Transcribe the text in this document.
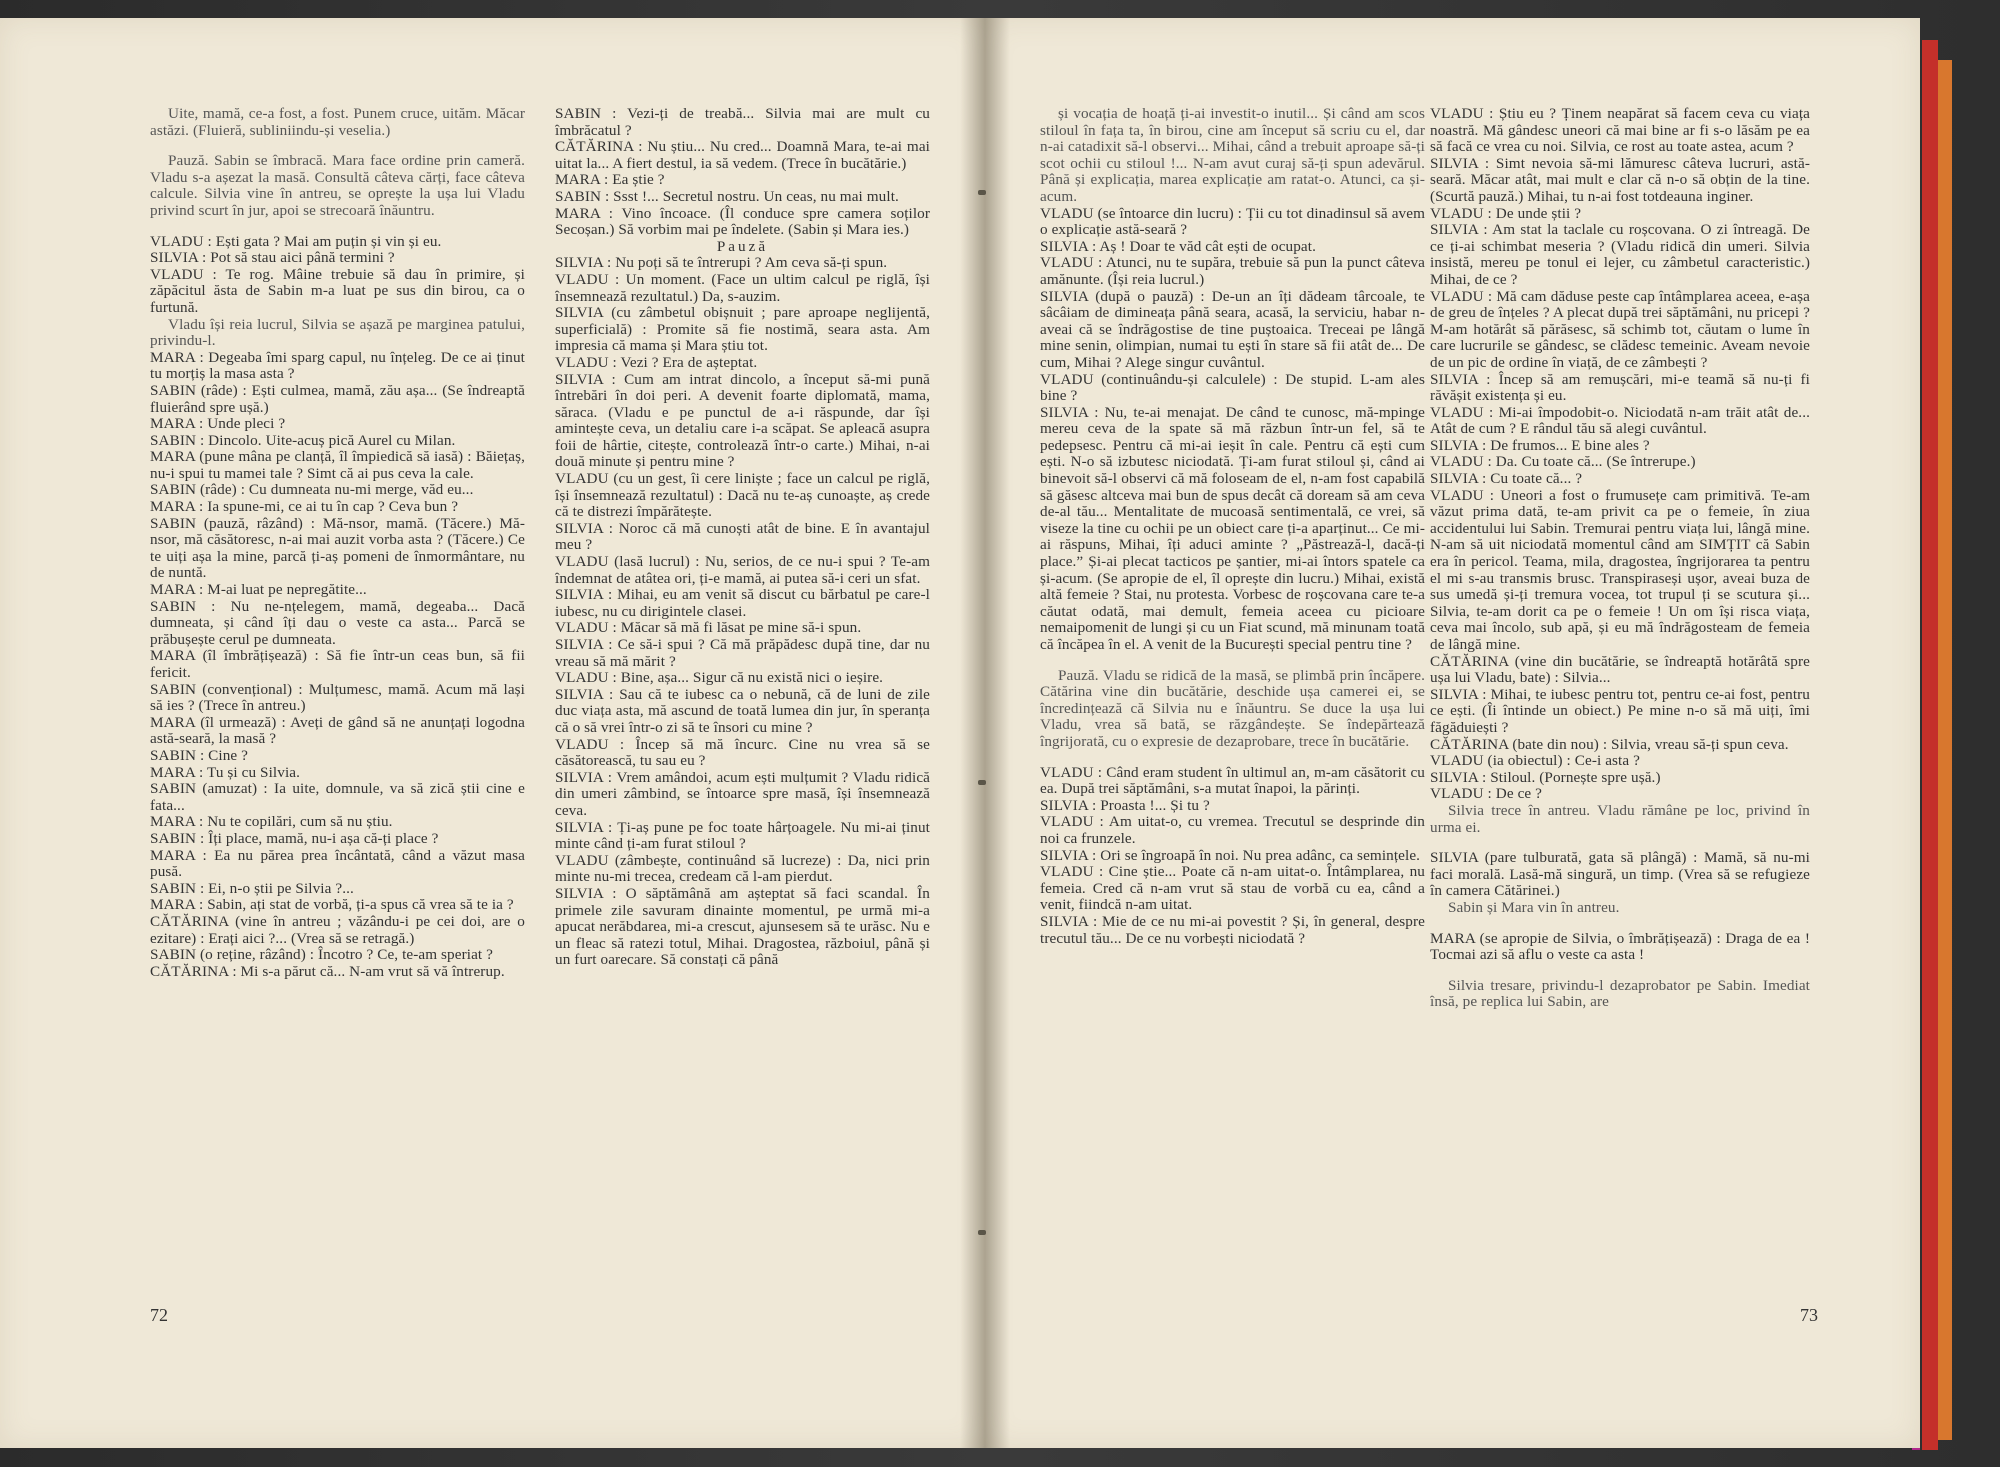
Uite, mamă, ce-a fost, a fost. Punem cruce, uităm. Măcar astăzi. (Fluieră, subliniindu-și veselia.)

Pauză. Sabin se îmbracă. Mara face ordine prin cameră. Vladu s-a așezat la masă. Consultă câteva cărți, face câteva calcule. Silvia vine în antreu, se oprește la ușa lui Vladu privind scurt în jur, apoi se strecoară înăuntru.

VLADU : Ești gata ? Mai am puțin și vin și eu.

SILVIA : Pot să stau aici până termini ?

VLADU : Te rog. Mâine trebuie să dau în primire, și zăpăcitul ăsta de Sabin m-a luat pe sus din birou, ca o furtună.

Vladu își reia lucrul, Silvia se așază pe marginea patului, privindu-l.

MARA : Degeaba îmi sparg capul, nu înțeleg. De ce ai ținut tu morțiș la masa asta ?

SABIN (râde) : Ești culmea, mamă, zău așa... (Se îndreaptă fluierând spre ușă.)

MARA : Unde pleci ?

SABIN : Dincolo. Uite-acuș pică Aurel cu Milan.

MARA (pune mâna pe clanță, îl împiedică să iasă) : Băiețaș, nu-i spui tu mamei tale ? Simt că ai pus ceva la cale.

SABIN (râde) : Cu dumneata nu-mi merge, văd eu...

MARA : Ia spune-mi, ce ai tu în cap ? Ceva bun ?

SABIN (pauză, râzând) : Mă-nsor, mamă. (Tăcere.) Mă-nsor, mă căsătoresc, n-ai mai auzit vorba asta ? (Tăcere.) Ce te uiți așa la mine, parcă ți-aș pomeni de înmormântare, nu de nuntă.

MARA : M-ai luat pe nepregătite...

SABIN : Nu ne-nțelegem, mamă, degeaba... Dacă dumneata, și când îți dau o veste ca asta... Parcă se prăbușește cerul pe dumneata.

MARA (îl îmbrățișează) : Să fie într-un ceas bun, să fii fericit.

SABIN (convențional) : Mulțumesc, mamă. Acum mă lași să ies ? (Trece în antreu.)

MARA (îl urmează) : Aveți de gând să ne anunțați logodna astă-seară, la masă ?

SABIN : Cine ?

MARA : Tu și cu Silvia.

SABIN (amuzat) : Ia uite, domnule, va să zică știi cine e fata...

MARA : Nu te copilări, cum să nu știu.

SABIN : Îți place, mamă, nu-i așa că-ți place ?

MARA : Ea nu părea prea încântată, când a văzut masa pusă.

SABIN : Ei, n-o știi pe Silvia ?...

MARA : Sabin, ați stat de vorbă, ți-a spus că vrea să te ia ?

CĂTĂRINA (vine în antreu ; văzându-i pe cei doi, are o ezitare) : Erați aici ?... (Vrea să se retragă.)

SABIN (o reține, râzând) : Încotro ? Ce, te-am speriat ?

CĂTĂRINA : Mi s-a părut că... N-am vrut să vă întrerup.

SABIN : Vezi-ți de treabă... Silvia mai are mult cu îmbrăcatul ?

CĂTĂRINA : Nu știu... Nu cred... Doamnă Mara, te-ai mai uitat la... A fiert destul, ia să vedem. (Trece în bucătărie.)

MARA : Ea știe ?

SABIN : Ssst !... Secretul nostru. Un ceas, nu mai mult.

MARA : Vino încoace. (Îl conduce spre camera soților Secoșan.) Să vorbim mai pe îndelete. (Sabin și Mara ies.)

Pauză

SILVIA : Nu poți să te întrerupi ? Am ceva să-ți spun.

VLADU : Un moment. (Face un ultim calcul pe riglă, își însemnează rezultatul.) Da, s-auzim.

SILVIA (cu zâmbetul obișnuit ; pare aproape neglijentă, superficială) : Promite să fie nostimă, seara asta. Am impresia că mama și Mara știu tot.

VLADU : Vezi ? Era de așteptat.

SILVIA : Cum am intrat dincolo, a început să-mi pună întrebări în doi peri. A devenit foarte diplomată, mama, săraca. (Vladu e pe punctul de a-i răspunde, dar își amintește ceva, un detaliu care i-a scăpat. Se apleacă asupra foii de hârtie, citește, controlează într-o carte.) Mihai, n-ai două minute și pentru mine ?

VLADU (cu un gest, îi cere liniște ; face un calcul pe riglă, își însemnează rezultatul) : Dacă nu te-aș cunoaște, aș crede că te distrezi împărătește.

SILVIA : Noroc că mă cunoști atât de bine. E în avantajul meu ?

VLADU (lasă lucrul) : Nu, serios, de ce nu-i spui ? Te-am îndemnat de atâtea ori, ți-e mamă, ai putea să-i ceri un sfat.

SILVIA : Mihai, eu am venit să discut cu bărbatul pe care-l iubesc, nu cu dirigintele clasei.

VLADU : Măcar să mă fi lăsat pe mine să-i spun.

SILVIA : Ce să-i spui ? Că mă prăpădesc după tine, dar nu vreau să mă mărit ?

VLADU : Bine, așa... Sigur că nu există nici o ieșire.

SILVIA : Sau că te iubesc ca o nebună, că de luni de zile duc viața asta, mă ascund de toată lumea din jur, în speranța că o să vrei într-o zi să te însori cu mine ?

VLADU : Încep să mă încurc. Cine nu vrea să se căsătorească, tu sau eu ?

SILVIA : Vrem amândoi, acum ești mulțumit ? Vladu ridică din umeri zâmbind, se întoarce spre masă, își însemnează ceva.

SILVIA : Ți-aș pune pe foc toate hârțoagele. Nu mi-ai ținut minte când ți-am furat stiloul ?

VLADU (zâmbește, continuând să lucreze) : Da, nici prin minte nu-mi trecea, credeam că l-am pierdut.

SILVIA : O săptămână am așteptat să faci scandal. În primele zile savuram dinainte momentul, pe urmă mi-a apucat nerăbdarea, mi-a crescut, ajunsesem să te urăsc. Nu e un fleac să ratezi totul, Mihai. Dragostea, războiul, până și un furt oarecare. Să constați că până

72

și vocația de hoață ți-ai investit-o inutil... Și când am scos stiloul în fața ta, în birou, cine am început să scriu cu el, dar n-ai catadixit să-l observi... Mihai, când a trebuit aproape să-ți scot ochii cu stiloul !... N-am avut curaj să-ți spun adevărul. Până și explicația, marea explicație am ratat-o. Atunci, ca și-acum.

VLADU (se întoarce din lucru) : Ții cu tot dinadinsul să avem o explicație astă-seară ?

SILVIA : Aș ! Doar te văd cât ești de ocupat.

VLADU : Atunci, nu te supăra, trebuie să pun la punct câteva amănunte. (Își reia lucrul.)

SILVIA (după o pauză) : De-un an îți dădeam târcoale, te sâcâiam de dimineața până seara, acasă, la serviciu, habar n-aveai că se îndrăgostise de tine puștoaica. Treceai pe lângă mine senin, olimpian, numai tu ești în stare să fii atât de... De cum, Mihai ? Alege singur cuvântul.

VLADU (continuându-și calculele) : De stupid. L-am ales bine ?

SILVIA : Nu, te-ai menajat. De când te cunosc, mă-mpinge mereu ceva de la spate să mă răzbun într-un fel, să te pedepsesc. Pentru că mi-ai ieșit în cale. Pentru că ești cum ești. N-o să izbutesc niciodată. Ți-am furat stiloul și, când ai binevoit să-l observi că mă foloseam de el, n-am fost capabilă să găsesc altceva mai bun de spus decât că doream să am ceva de-al tău... Mentalitate de mucoasă sentimentală, ce vrei, să viseze la tine cu ochii pe un obiect care ți-a aparținut... Ce mi-ai răspuns, Mihai, îți aduci aminte ? „Păstrează-l, dacă-ți place.” Și-ai plecat tacticos pe șantier, mi-ai întors spatele ca și-acum. (Se apropie de el, îl oprește din lucru.) Mihai, există altă femeie ? Stai, nu protesta. Vorbesc de roșcovana care te-a căutat odată, mai demult, femeia aceea cu picioare nemaipomenit de lungi și cu un Fiat scund, mă minunam toată că încăpea în el. A venit de la București special pentru tine ?

Pauză. Vladu se ridică de la masă, se plimbă prin încăpere. Cătărina vine din bucătărie, deschide ușa camerei ei, se încredințează că Silvia nu e înăuntru. Se duce la ușa lui Vladu, vrea să bată, se răzgândește. Se îndepărtează îngrijorată, cu o expresie de dezaprobare, trece în bucătărie.

VLADU : Când eram student în ultimul an, m-am căsătorit cu ea. După trei săptămâni, s-a mutat înapoi, la părinți.

SILVIA : Proasta !... Și tu ?

VLADU : Am uitat-o, cu vremea. Trecutul se desprinde din noi ca frunzele.

SILVIA : Ori se îngroapă în noi. Nu prea adânc, ca semințele.

VLADU : Cine știe... Poate că n-am uitat-o. Întâmplarea, nu femeia. Cred că n-am vrut să stau de vorbă cu ea, când a venit, fiindcă n-am uitat.

SILVIA : Mie de ce nu mi-ai povestit ? Și, în general, despre trecutul tău... De ce nu vorbești niciodată ?

VLADU : Știu eu ? Ținem neapărat să facem ceva cu viața noastră. Mă gândesc uneori că mai bine ar fi s-o lăsăm pe ea să facă ce vrea cu noi. Silvia, ce rost au toate astea, acum ?

SILVIA : Simt nevoia să-mi lămuresc câteva lucruri, astă-seară. Măcar atât, mai mult e clar că n-o să obțin de la tine. (Scurtă pauză.) Mihai, tu n-ai fost totdeauna inginer.

VLADU : De unde știi ?

SILVIA : Am stat la taclale cu roșcovana. O zi întreagă. De ce ți-ai schimbat meseria ? (Vladu ridică din umeri. Silvia insistă, mereu pe tonul ei lejer, cu zâmbetul caracteristic.) Mihai, de ce ?

VLADU : Mă cam dăduse peste cap întâmplarea aceea, e-așa de greu de înțeles ? A plecat după trei săptămâni, nu pricepi ? M-am hotărât să părăsesc, să schimb tot, căutam o lume în care lucrurile se gândesc, se clădesc temeinic. Aveam nevoie de un pic de ordine în viață, de ce zâmbești ?

SILVIA : Încep să am remușcări, mi-e teamă să nu-ți fi răvășit existența și eu.

VLADU : Mi-ai împodobit-o. Niciodată n-am trăit atât de... Atât de cum ? E rândul tău să alegi cuvântul.

SILVIA : De frumos... E bine ales ?

VLADU : Da. Cu toate că... (Se întrerupe.)

SILVIA : Cu toate că... ?

VLADU : Uneori a fost o frumusețe cam primitivă. Te-am văzut prima dată, te-am privit ca pe o femeie, în ziua accidentului lui Sabin. Tremurai pentru viața lui, lângă mine. N-am să uit niciodată momentul când am SIMȚIT că Sabin era în pericol. Teama, mila, dragostea, îngrijorarea ta pentru el mi s-au transmis brusc. Transpiraseși ușor, aveai buza de sus umedă și-ți tremura vocea, tot trupul ți se scutura și... Silvia, te-am dorit ca pe o femeie ! Un om își risca viața, ceva mai încolo, sub apă, și eu mă îndrăgosteam de femeia de lângă mine.

CĂTĂRINA (vine din bucătărie, se îndreaptă hotărâtă spre ușa lui Vladu, bate) : Silvia...

SILVIA : Mihai, te iubesc pentru tot, pentru ce-ai fost, pentru ce ești. (Îi întinde un obiect.) Pe mine n-o să mă uiți, îmi făgăduiești ?

CĂTĂRINA (bate din nou) : Silvia, vreau să-ți spun ceva.

VLADU (ia obiectul) : Ce-i asta ?

SILVIA : Stiloul. (Pornește spre ușă.)

VLADU : De ce ?

Silvia trece în antreu. Vladu rămâne pe loc, privind în urma ei.

SILVIA (pare tulburată, gata să plângă) : Mamă, să nu-mi faci morală. Lasă-mă singură, un timp. (Vrea să se refugieze în camera Cătărinei.)

Sabin și Mara vin în antreu.

MARA (se apropie de Silvia, o îmbrățișează) : Draga de ea ! Tocmai azi să aflu o veste ca asta !

Silvia tresare, privindu-l dezaprobator pe Sabin. Imediat însă, pe replica lui Sabin, are

73
